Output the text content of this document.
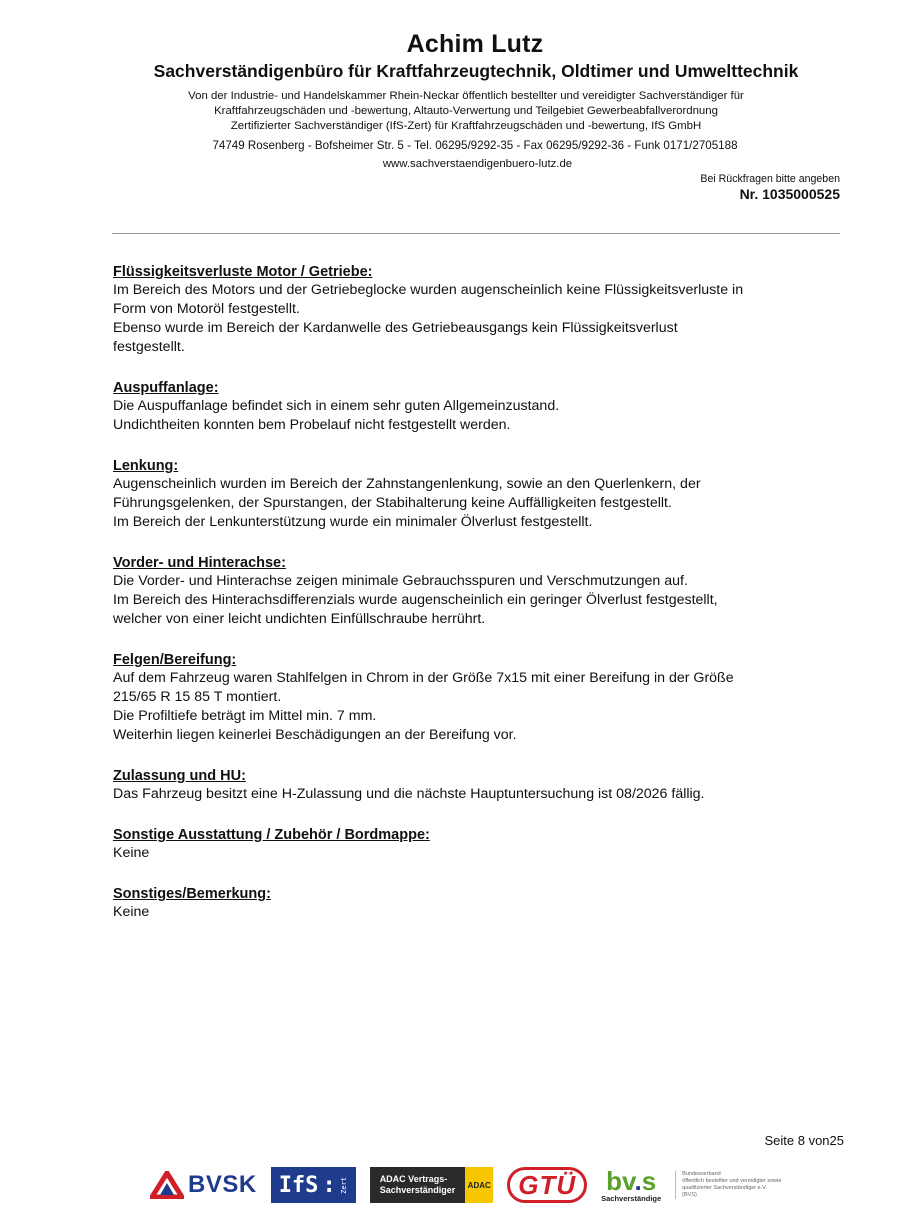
Achim Lutz
Sachverständigenbüro für Kraftfahrzeugtechnik, Oldtimer und Umwelttechnik
Von der Industrie- und Handelskammer Rhein-Neckar öffentlich bestellter und vereidigter Sachverständiger für
Kraftfahrzeugschäden und -bewertung, Altauto-Verwertung und Teilgebiet Gewerbeabfallverordnung
Zertifizierter Sachverständiger (IfS-Zert) für Kraftfahrzeugschäden und -bewertung, IfS GmbH
74749 Rosenberg - Bofsheimer Str. 5 - Tel. 06295/9292-35 - Fax 06295/9292-36 - Funk 0171/2705188
www.sachverstaendigenbuero-lutz.de
Bei Rückfragen bitte angeben
Nr. 1035000525

Flüssigkeitsverluste Motor / Getriebe:

Im Bereich des Motors und der Getriebeglocke wurden augenscheinlich keine Flüssigkeitsverluste in

Form von Motoröl festgestellt.

Ebenso wurde im Bereich der Kardanwelle des Getriebeausgangs kein Flüssigkeitsverlust

festgestellt.

Auspuffanlage:

Die Auspuffanlage befindet sich in einem sehr guten Allgemeinzustand.

Undichtheiten konnten bem Probelauf nicht festgestellt werden.

Lenkung:

Augenscheinlich wurden im Bereich der Zahnstangenlenkung, sowie an den Querlenkern, der

Führungsgelenken, der Spurstangen, der Stabihalterung keine Auffälligkeiten festgestellt.

Im Bereich der Lenkunterstützung wurde ein minimaler Ölverlust festgestellt.

Vorder- und Hinterachse:

Die Vorder- und Hinterachse zeigen minimale Gebrauchsspuren und Verschmutzungen auf.

Im Bereich des Hinterachsdifferenzials wurde augenscheinlich ein geringer Ölverlust festgestellt,

welcher von einer leicht undichten Einfüllschraube herrührt.

Felgen/Bereifung:

Auf dem Fahrzeug waren Stahlfelgen in Chrom in der Größe 7x15 mit einer Bereifung in der Größe

215/65 R 15 85 T montiert.

Die Profiltiefe beträgt im Mittel min. 7 mm.

Weiterhin liegen keinerlei Beschädigungen an der Bereifung vor.

Zulassung und HU:

Das Fahrzeug besitzt eine H-Zulassung und die nächste Hauptuntersuchung ist 08/2026 fällig.

Sonstige Ausstattung / Zubehör / Bordmappe:

Keine

Sonstiges/Bemerkung:

Keine

Seite 8 von25
BVSK IfS : Zert	ADAC Vertrags-
Sachverständiger	ADAC	GTÜ	bv.s
Sachverständige
Bundesverband
öffentlich bestellter und vereidigter sowie
qualifizierter Sachverständiger e.V. (BVS)
